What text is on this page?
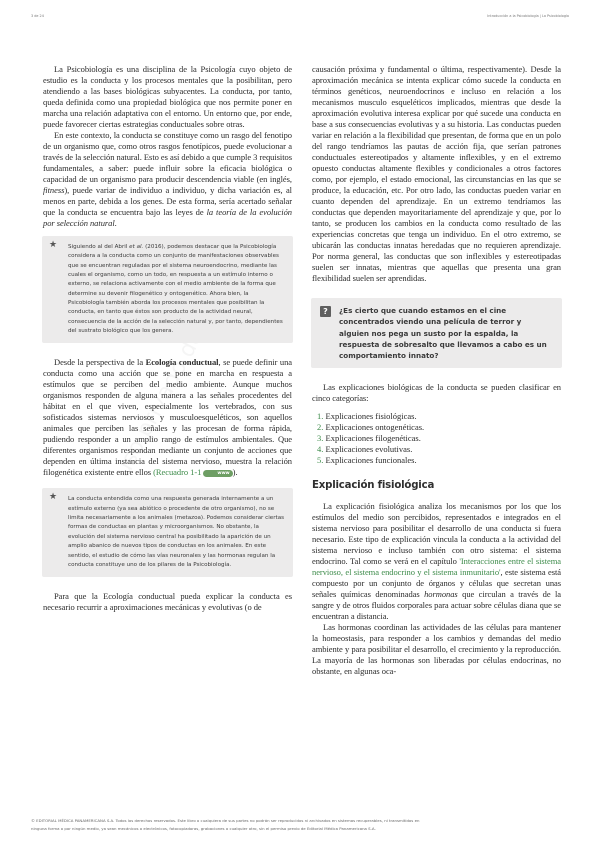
3 de 24	Introducción a la Psicobiología | La Psicobiología

La Psicobiología es una disciplina de la Psicología cuyo objeto de estudio es la conducta y los procesos mentales que la posibilitan, pero atendiendo a las bases biológicas subyacentes. La conducta, por tanto, queda definida como una propiedad biológica que nos permite poner en marcha una relación adaptativa con el entorno. Un entorno que, por ende, puede favorecer ciertas estrategias conductuales sobre otras.

En este contexto, la conducta se constituye como un rasgo del fenotipo de un organismo que, como otros rasgos fenotípicos, puede evolucionar a través de la selección natural. Esto es así debido a que cumple 3 requisitos fundamentales, a saber: puede influir sobre la eficacia biológica o capacidad de un organismo para producir descendencia viable (en inglés, fitness), puede variar de individuo a individuo, y dicha variación es, al menos en parte, debida a los genes. De esta forma, sería acertado señalar que la conducta se encuentra bajo las leyes de la teoría de la evolución por selección natural.

★ Siguiendo al del Abril et al. (2016), podemos destacar que la Psicobiología considera a la conducta como un conjunto de manifestaciones observables que se encuentran reguladas por el sistema neuroendocrino, mediante las cuales el organismo, como un todo, en respuesta a un estímulo interno o externo, se relaciona activamente con el medio ambiente de la forma que determine su devenir filogenético y ontogenético. Ahora bien, la Psicobiología también aborda los procesos mentales que posibilitan la conducta, en tanto que éstos son producto de la actividad neural, consecuencia de la acción de la selección natural y, por tanto, dependientes del sustrato biológico que los genera.

Desde la perspectiva de la Ecología conductual, se puede definir una conducta como una acción que se pone en marcha en respuesta a estímulos que se perciben del medio ambiente. Aunque muchos organismos responden de alguna manera a las señales procedentes del hábitat en el que viven, especialmente los vertebrados, con sus sofisticados sistemas nerviosos y musculoesqueléticos, son aquellos animales que perciben las señales y las procesan de forma rápida, pudiendo responder a un amplio rango de estímulos ambientales. Que diferentes organismos respondan mediante un conjunto de acciones que dependen en última instancia del sistema nervioso, muestra la relación filogenética existente entre ellos (Recuadro 1-1	www ).

★ La conducta entendida como una respuesta generada internamente a un estímulo externo (ya sea abiótico o procedente de otro organismo), no se limita necesariamente a los animales (metazoa). Podemos considerar ciertas formas de conductas en plantas y microorganismos. No obstante, la evolución del sistema nervioso central ha posibilitado la aparición de un amplio abanico de nuevos tipos de conductas en los animales. En este sentido, el estudio de cómo las vías neuronales y las hormonas regulan la conducta constituye uno de los pilares de la Psicobiología.

Para que la Ecología conductual pueda explicar la conducta es necesario recurrir a aproximaciones mecánicas y evolutivas (o de

causación próxima y fundamental o última, respectivamente). Desde la aproximación mecánica se intenta explicar cómo sucede la conducta en términos genéticos, neuroendocrinos e incluso en relación a los mecanismos musculo esqueléticos implicados, mientras que desde la aproximación evolutiva interesa explicar por qué sucede una conducta en base a sus consecuencias evolutivas y a su historia. Las conductas pueden variar en relación a la flexibilidad que presentan, de forma que en un polo del rango tendríamos las pautas de acción fija, que serían patrones conductuales estereotipados y altamente inflexibles, y en el extremo opuesto conductas altamente flexibles y condicionales a otros factores como, por ejemplo, el estado emocional, las circunstancias en las que se produce, la educación, etc. Por otro lado, las conductas pueden variar en cuanto dependen del aprendizaje. En un extremo tendríamos las conductas que dependen mayoritariamente del aprendizaje y que, por lo tanto, se producen los cambios en la conducta como resultado de las experiencias concretas que tenga un individuo. En el otro extremo, se ubicarán las conductas innatas heredadas que no requieren aprendizaje. Por norma general, las conductas que son inflexibles y estereotipadas suelen ser innatas, mientras que aquellas que presenta una gran flexibilidad suelen ser aprendidas.

?	¿Es cierto que cuando estamos en el cine concentrados viendo una película de terror y alguien nos pega un susto por la espalda, la respuesta de sobresalto que llevamos a cabo es un comportamiento innato?

Las explicaciones biológicas de la conducta se pueden clasificar en cinco categorías:

1. Explicaciones fisiológicas.
2. Explicaciones ontogenéticas.
3. Explicaciones filogenéticas.
4. Explicaciones evolutivas.
5. Explicaciones funcionales.
Explicación fisiológica

La explicación fisiológica analiza los mecanismos por los que los estímulos del medio son percibidos, representados e integrados en el sistema nervioso para posibilitar el desarrollo de una conducta si fuera necesario. Este tipo de explicación vincula la conducta a la actividad del sistema nervioso e incluso también con otro sistema: el sistema endocrino. Tal como se verá en el capítulo 'Interacciones entre el sistema nervioso, el sistema endocrino y el sistema inmunitario', este sistema está compuesto por un conjunto de órganos y células que secretan unas señales químicas denominadas hormonas que circulan a través de la sangre y de otros fluidos corporales para actuar sobre células diana que se encuentran a distancia.

Las hormonas coordinan las actividades de las células para mantener la homeostasis, para responder a los cambios y demandas del medio ambiente y para posibilitar el desarrollo, el crecimiento y la reproducción. La mayoría de las hormonas son liberadas por células endocrinas, no obstante, en algunas oca-

© EDITORIAL MÉDICA PANAMERICANA S.A. Todos los derechos reservados. Este libro o cualquiera de sus partes no podrán ser reproducidos ni archivados en sistemas recuperables, ni transmitidos en
ninguna forma o por ningún medio, ya sean mecánicos o electrónicos, fotocopiadoras, grabaciones o cualquier otro, sin el permiso previo de Editorial Médica Panamericana S.A.
